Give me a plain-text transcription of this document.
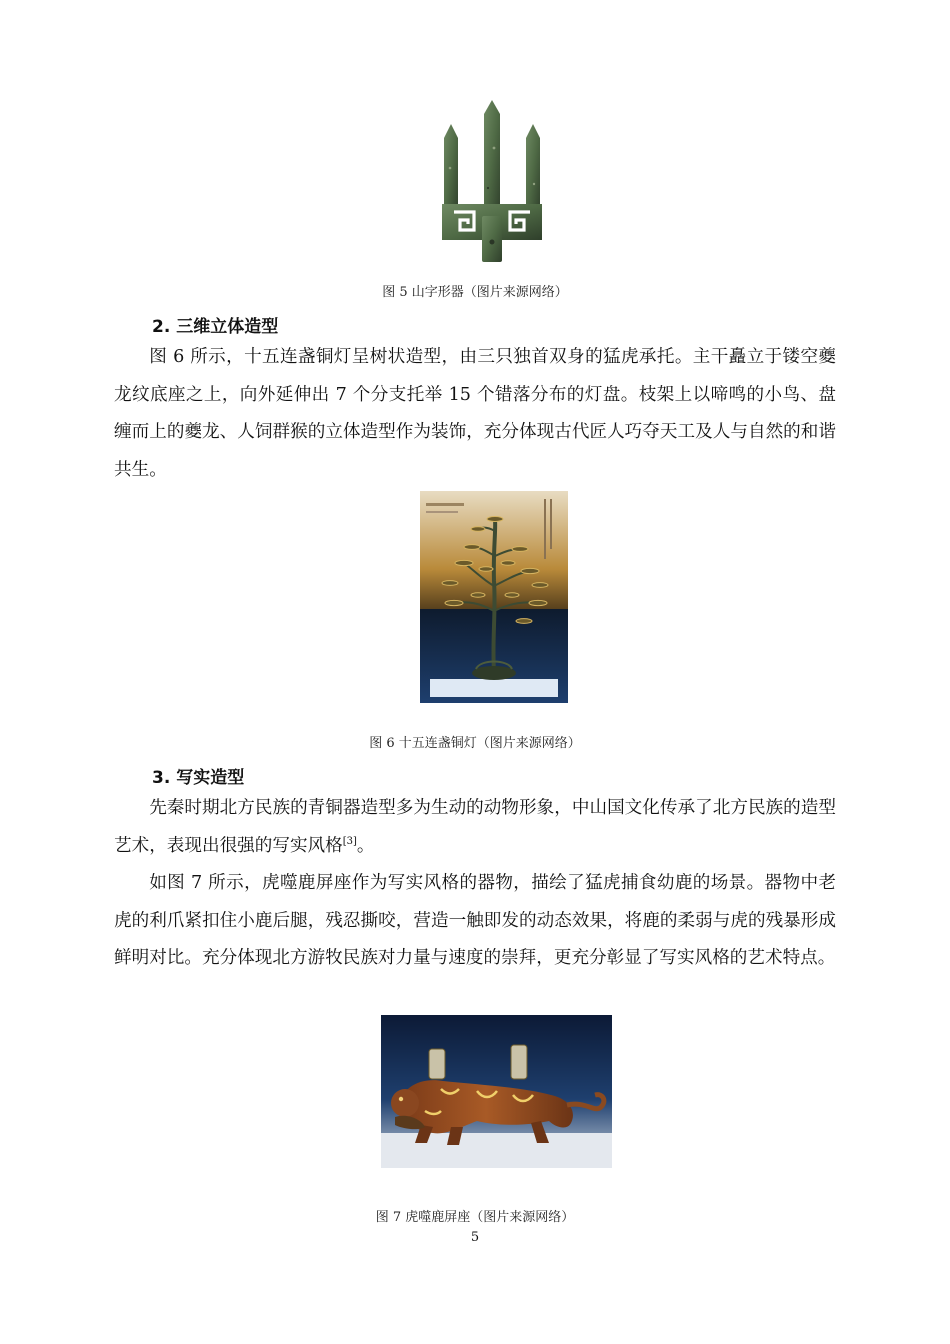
图 5 山字形器（图片来源网络）
2. 三维立体造型

图 6 所示，十五连盏铜灯呈树状造型，由三只独首双身的猛虎承托。主干矗立于镂空夔龙纹底座之上，向外延伸出 7 个分支托举 15 个错落分布的灯盘。枝架上以啼鸣的小鸟、盘缠而上的夔龙、人饲群猴的立体造型作为装饰，充分体现古代匠人巧夺天工及人与自然的和谐共生。

图 6 十五连盏铜灯（图片来源网络）
3. 写实造型

先秦时期北方民族的青铜器造型多为生动的动物形象，中山国文化传承了北方民族的造型艺术，表现出很强的写实风格[3]。

如图 7 所示，虎噬鹿屏座作为写实风格的器物，描绘了猛虎捕食幼鹿的场景。器物中老虎的利爪紧扣住小鹿后腿，残忍撕咬，营造一触即发的动态效果，将鹿的柔弱与虎的残暴形成鲜明对比。充分体现北方游牧民族对力量与速度的崇拜，更充分彰显了写实风格的艺术特点。

图 7 虎噬鹿屏座（图片来源网络）
5
